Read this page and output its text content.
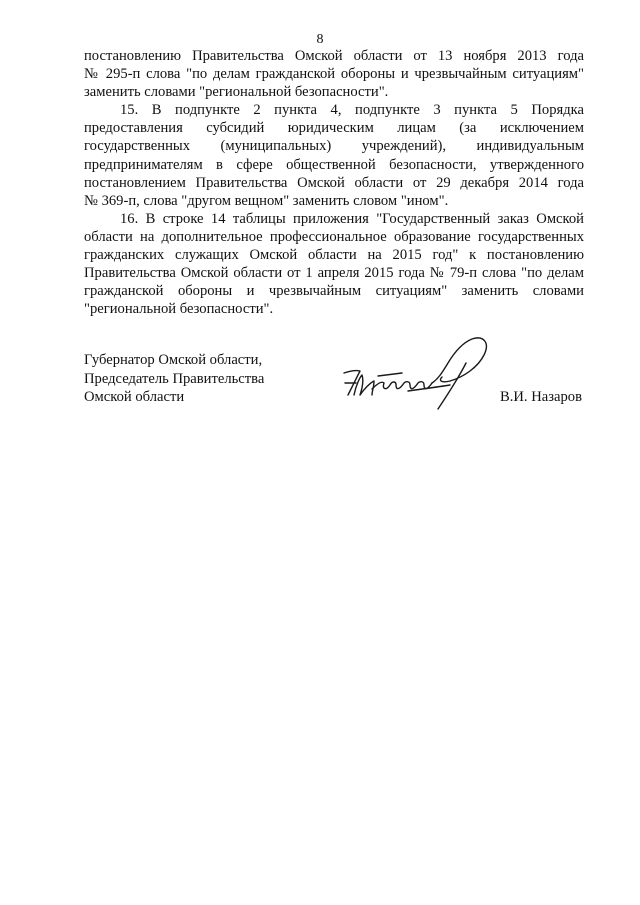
8
постановлению Правительства Омской области от 13 ноября 2013 года
№ 295-п слова "по делам гражданской обороны и чрезвычайным ситуациям"
заменить словами "региональной безопасности".
15. В подпункте 2 пункта 4, подпункте 3 пункта 5 Порядка
предоставления субсидий юридическим лицам (за исключением
государственных (муниципальных) учреждений), индивидуальным
предпринимателям в сфере общественной безопасности, утвержденного
постановлением Правительства Омской области от 29 декабря 2014 года
№ 369-п, слова "другом вещном" заменить словом "ином".
16. В строке 14 таблицы приложения "Государственный заказ Омской
области на дополнительное профессиональное образование государственных
гражданских служащих Омской области на 2015 год" к постановлению
Правительства Омской области от 1 апреля 2015 года № 79-п слова "по делам
гражданской обороны и чрезвычайным ситуациям" заменить словами
"региональной безопасности".
Губернатор Омской области,
Председатель Правительства
Омской области	В.И. Назаров
